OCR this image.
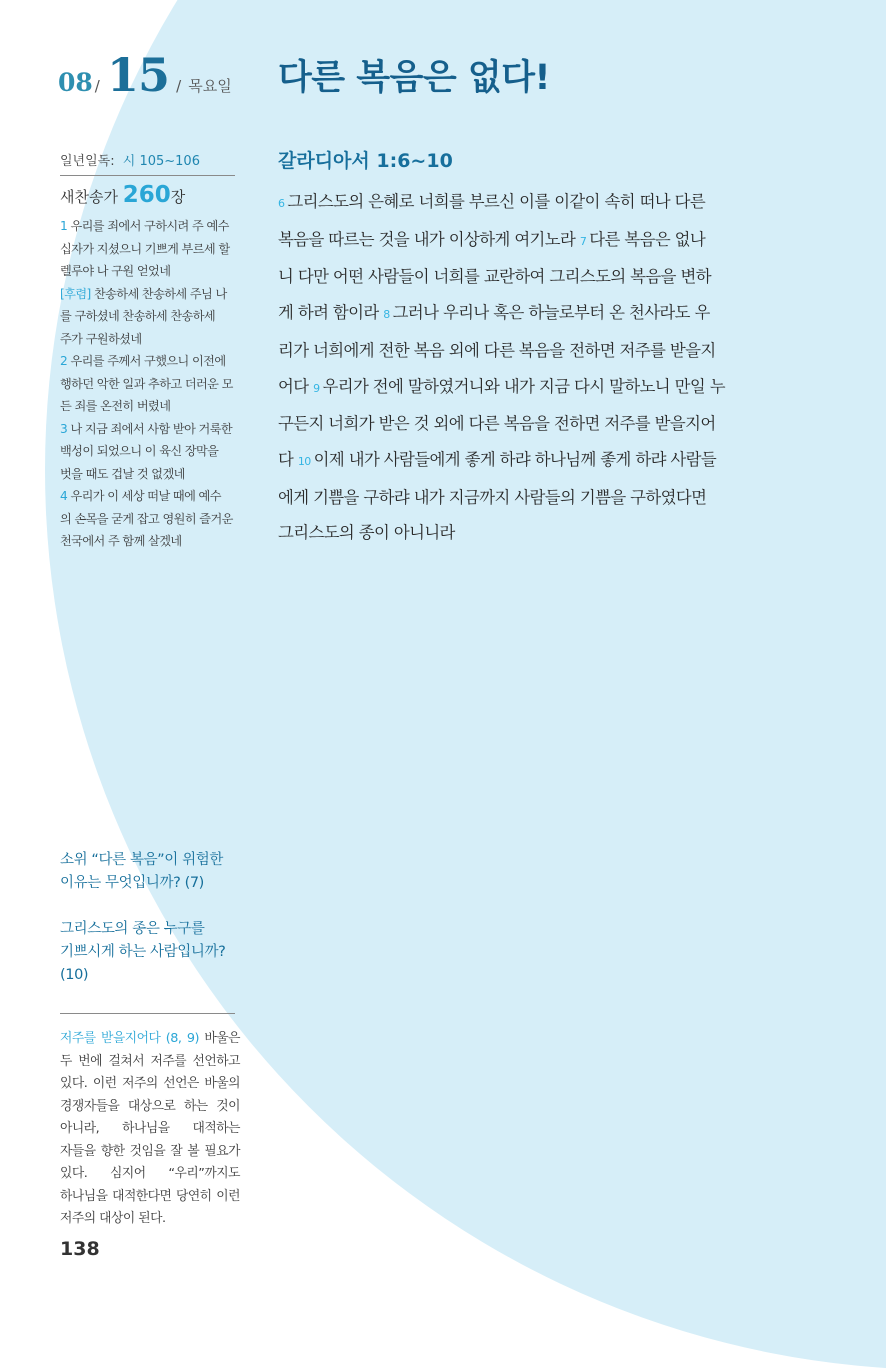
08 / 15 / 목요일 다른 복음은 없다!
일년일독: 시 105~106
새찬송가 260장
1 우리를 죄에서 구하시려 주 예수
십자가 지셨으니 기쁘게 부르세 할
렐루야 나 구원 얻었네
[후렴] 찬송하세 찬송하세 주님 나
를 구하셨네 찬송하세 찬송하세
주가 구원하셨네
2 우리를 주께서 구했으니 이전에
행하던 악한 일과 추하고 더러운 모
든 죄를 온전히 버렸네
3 나 지금 죄에서 사함 받아 거룩한
백성이 되었으니 이 육신 장막을
벗을 때도 겁날 것 없겠네
4 우리가 이 세상 떠날 때에 예수
의 손목을 굳게 잡고 영원히 즐거운
천국에서 주 함께 살겠네
소위 “다른 복음”이 위험한 이유는 무엇입니까? (7)
그리스도의 종은 누구를 기쁘시게 하는 사람입니까? (10)
저주를 받을지어다 (8, 9) 바울은 두 번에 걸쳐서 저주를 선언하고 있다. 이런 저주의 선언은 바울의 경쟁자들을 대상으로 하는 것이 아니라, 하나님을 대적하는 자들을 향한 것임을 잘 볼 필요가 있다. 심지어 “우리”까지도 하나님을 대적한다면 당연히 이런 저주의 대상이 된다.
138
갈라디아서 1:6~10
6 그리스도의 은혜로 너희를 부르신 이를 이같이 속히 떠나 다른
복음을 따르는 것을 내가 이상하게 여기노라 7 다른 복음은 없나
니 다만 어떤 사람들이 너희를 교란하여 그리스도의 복음을 변하
게 하려 함이라 8 그러나 우리나 혹은 하늘로부터 온 천사라도 우
리가 너희에게 전한 복음 외에 다른 복음을 전하면 저주를 받을지
어다 9 우리가 전에 말하였거니와 내가 지금 다시 말하노니 만일 누
구든지 너희가 받은 것 외에 다른 복음을 전하면 저주를 받을지어
다 10 이제 내가 사람들에게 좋게 하랴 하나님께 좋게 하랴 사람들
에게 기쁨을 구하랴 내가 지금까지 사람들의 기쁨을 구하였다면
그리스도의 종이 아니니라
